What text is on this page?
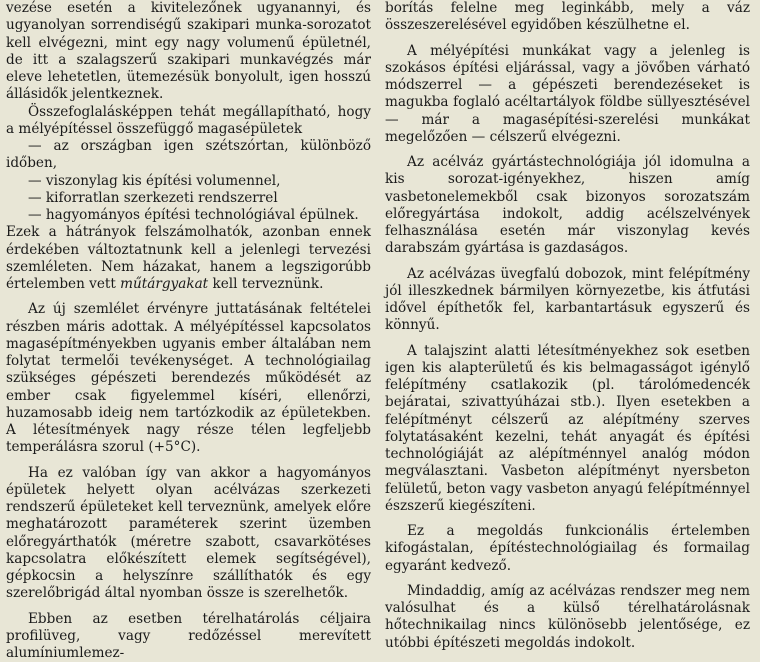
vezése esetén a kivitelezőnek ugyanannyi, és ugyanolyan sorrendiségű szakipari munka-sorozatot kell elvégezni, mint egy nagy volumenű épületnél, de itt a szalagszerű szakipari munkavégzés már eleve lehetetlen, ütemezésük bonyolult, igen hosszú állásidők jelentkeznek.

Összefoglalásképpen tehát megállapítható, hogy a mélyépítéssel összefüggő magasépületek

— az országban igen szétszórtan, különböző időben,

— viszonylag kis építési volumennel,

— kiforratlan szerkezeti rendszerrel

— hagyományos építési technológiával épülnek.

Ezek a hátrányok felszámolhatók, azonban ennek érdekében változtatnunk kell a jelenlegi tervezési szemléleten. Nem házakat, hanem a legszigorúbb értelemben vett műtárgyakat kell terveznünk.

Az új szemlélet érvényre juttatásának feltételei részben máris adottak. A mélyépítéssel kapcsolatos magasépítményekben ugyanis ember általában nem folytat termelői tevékenységet. A technológiailag szükséges gépészeti berendezés működését az ember csak figyelemmel kíséri, ellenőrzi, huzamosabb ideig nem tartózkodik az épületekben. A létesítmények nagy része télen legfeljebb temperálásra szorul (+5°C).

Ha ez valóban így van akkor a hagyományos épületek helyett olyan acélvázas szerkezeti rendszerű épületeket kell terveznünk, amelyek előre meghatározott paraméterek szerint üzemben előregyárthatók (méretre szabott, csavarkötéses kapcsolatra előkészített elemek segítségével), gépkocsin a helyszínre szállíthatók és egy szerelőbrigád által nyomban össze is szerelhetők.

Ebben az esetben térelhatárolás céljaira profilüveg, vagy redőzéssel merevített alumíniumlemez-

borítás felelne meg leginkább, mely a váz összeszerelésével egyidőben készülhetne el.

A mélyépítési munkákat vagy a jelenleg is szokásos építési eljárással, vagy a jövőben várható módszerrel — a gépészeti berendezéseket is magukba foglaló acéltartályok földbe süllyesztésével — már a magasépítési-szerelési munkákat megelőzően — célszerű elvégezni.

Az acélváz gyártástechnológiája jól idomulna a kis sorozat-igényekhez, hiszen amíg vasbetonelemekből csak bizonyos sorozatszám előregyártása indokolt, addig acélszelvények felhasználása esetén már viszonylag kevés darabszám gyártása is gazdaságos.

Az acélvázas üvegfalú dobozok, mint felépítmény jól illeszkednek bármilyen környezetbe, kis átfutási idővel építhetők fel, karbantartásuk egyszerű és könnyű.

A talajszint alatti létesítményekhez sok esetben igen kis alapterületű és kis belmagasságot igénylő felépítmény csatlakozik (pl. tárolómedencék bejáratai, szivattyúházai stb.). Ilyen esetekben a felépítményt célszerű az alépítmény szerves folytatásaként kezelni, tehát anyagát és építési technológiáját az alépítménnyel analóg módon megválasztani. Vasbeton alépítményt nyersbeton felületű, beton vagy vasbeton anyagú felépítménnyel észszerű kiegészíteni.

Ez a megoldás funkcionális értelemben kifogástalan, építéstechnológiailag és formailag egyaránt kedvező.

Mindaddig, amíg az acélvázas rendszer meg nem valósulhat és a külső térelhatárolásnak hőtechnikailag nincs különösebb jelentősége, ez utóbbi építészeti megoldás indokolt.
